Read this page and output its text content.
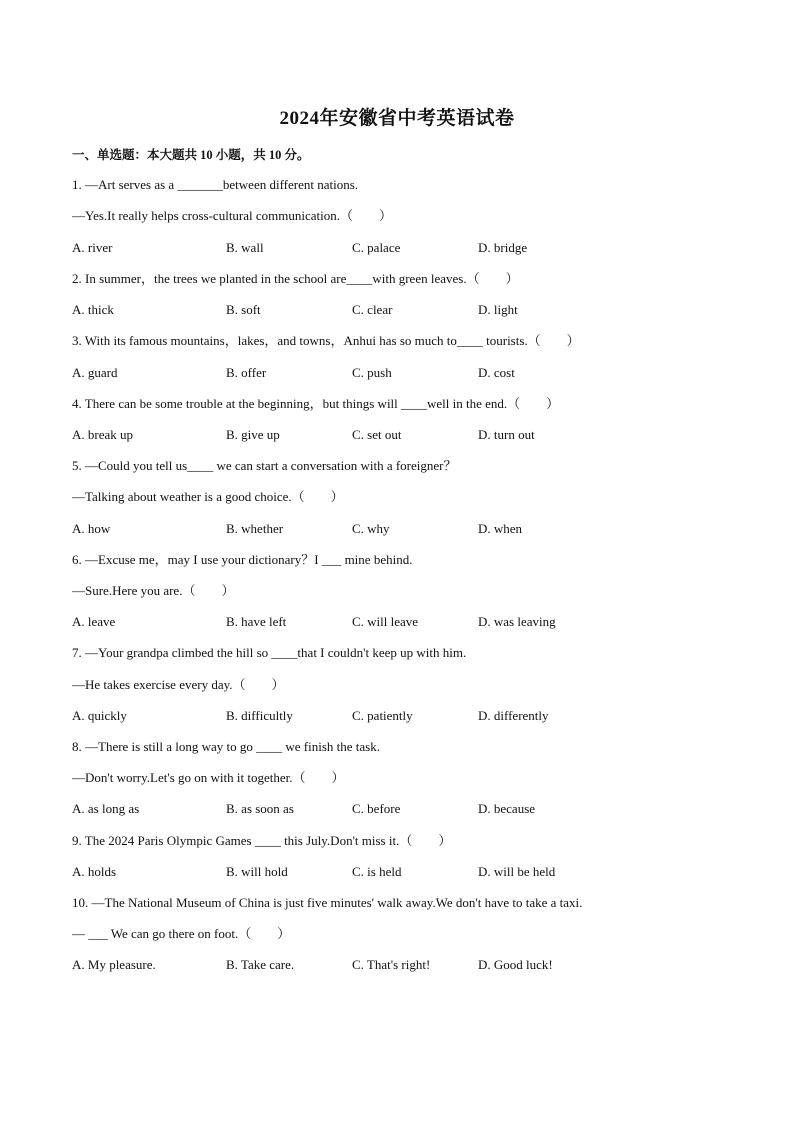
2024年安徽省中考英语试卷
一、单选题：本大题共 10 小题，共 10 分。
1. —Art serves as a _______between different nations.
—Yes.It really helps cross-cultural communication.（　　）
A. river	B. wall	C. palace	D. bridge
2. In summer，the trees we planted in the school are____with green leaves.（　　）
A. thick	B. soft	C. clear	D. light
3. With its famous mountains，lakes，and towns，Anhui has so much to____ tourists.（　　）
A. guard	B. offer	C. push	D. cost
4. There can be some trouble at the beginning，but things will ____well in the end.（　　）
A. break up	B. give up	C. set out	D. turn out
5. —Could you tell us____ we can start a conversation with a foreigner？
—Talking about weather is a good choice.（　　）
A. how	B. whether	C. why	D. when
6. —Excuse me，may I use your dictionary？I ___ mine behind.
—Sure.Here you are.（　　）
A. leave	B. have left	C. will leave	D. was leaving
7. —Your grandpa climbed the hill so ____that I couldn't keep up with him.
—He takes exercise every day.（　　）
A. quickly	B. difficultly	C. patiently	D. differently
8. —There is still a long way to go ____ we finish the task.
—Don't worry.Let's go on with it together.（　　）
A. as long as	B. as soon as	C. before	D. because
9. The 2024 Paris Olympic Games ____ this July.Don't miss it.（　　）
A. holds	B. will hold	C. is held	D. will be held
10. —The National Museum of China is just five minutes' walk away.We don't have to take a taxi.
— ___ We can go there on foot.（　　）
A. My pleasure.	B. Take care.	C. That's right!	D. Good luck!
